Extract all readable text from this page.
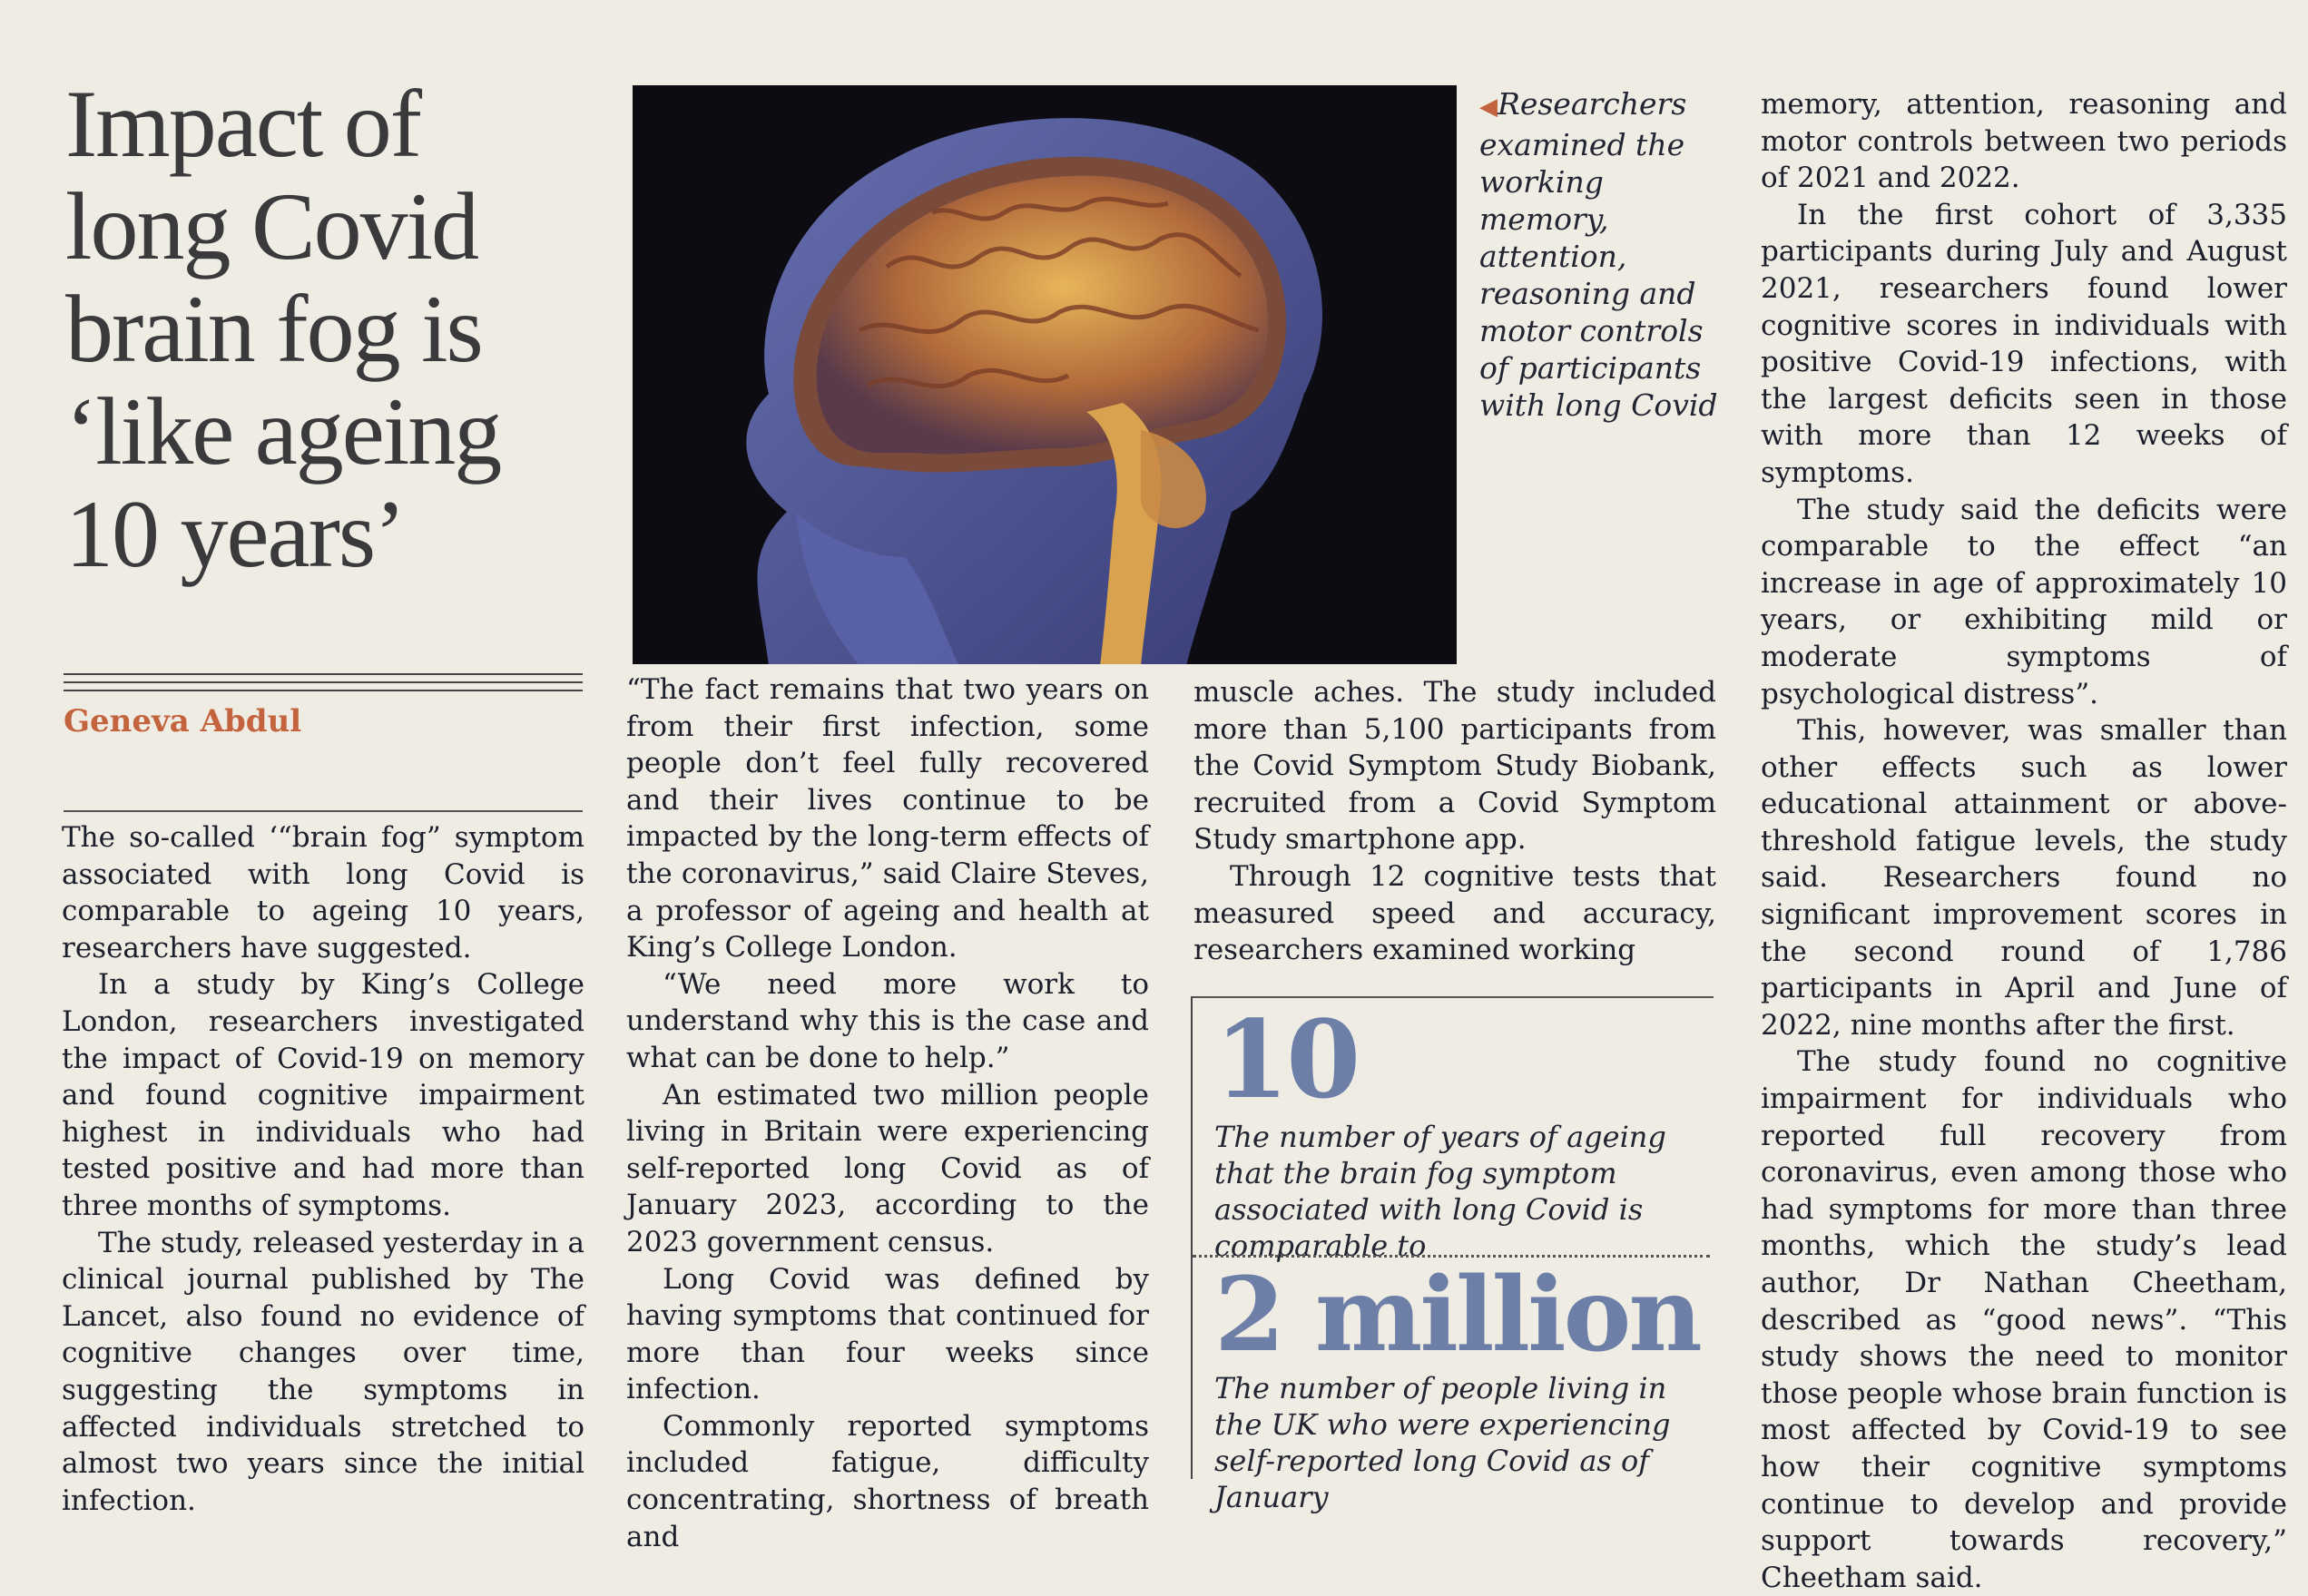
Impact of
long Covid
brain fog is
‘like ageing
10 years’
Geneva Abdul
◀Researchers examined the working memory, attention, reasoning and motor controls of participants with long Covid

The so-called ‘“brain fog” symptom associated with long Covid is comparable to ageing 10 years, researchers have suggested.

In a study by King’s College London, researchers investigated the impact of Covid-19 on memory and found cognitive impairment highest in individuals who had tested positive and had more than three months of symptoms.

The study, released yesterday in a clinical journal published by The Lancet, also found no evidence of cognitive changes over time, suggesting the symptoms in affected individuals stretched to almost two years since the initial infection.

“The fact remains that two years on from their first infection, some people don’t feel fully recovered and their lives continue to be impacted by the long-term effects of the coronavirus,” said Claire Steves, a professor of ageing and health at King’s College London.

“We need more work to understand why this is the case and what can be done to help.”

An estimated two million people living in Britain were experiencing self-reported long Covid as of January 2023, according to the 2023 government census.

Long Covid was defined by having symptoms that continued for more than four weeks since infection.

Commonly reported symptoms included fatigue, difficulty concentrating, shortness of breath and

muscle aches. The study included more than 5,100 participants from the Covid Symptom Study Biobank, recruited from a Covid Symptom Study smartphone app.

Through 12 cognitive tests that measured speed and accuracy, researchers examined working

10
The number of years of ageing that the brain fog symptom associated with long Covid is comparable to
2 million
The number of people living in the UK who were experiencing self-reported long Covid as of January

memory, attention, reasoning and motor controls between two periods of 2021 and 2022.

In the first cohort of 3,335 participants during July and August 2021, researchers found lower cognitive scores in individuals with positive Covid-19 infections, with the largest deficits seen in those with more than 12 weeks of symptoms.

The study said the deficits were comparable to the effect “an increase in age of approximately 10 years, or exhibiting mild or moderate symptoms of psychological distress”.

This, however, was smaller than other effects such as lower educational attainment or above-threshold fatigue levels, the study said. Researchers found no significant improvement scores in the second round of 1,786 participants in April and June of 2022, nine months after the first.

The study found no cognitive impairment for individuals who reported full recovery from coronavirus, even among those who had symptoms for more than three months, which the study’s lead author, Dr Nathan Cheetham, described as “good news”. “This study shows the need to monitor those people whose brain function is most affected by Covid-19 to see how their cognitive symptoms continue to develop and provide support towards recovery,” Cheetham said.
